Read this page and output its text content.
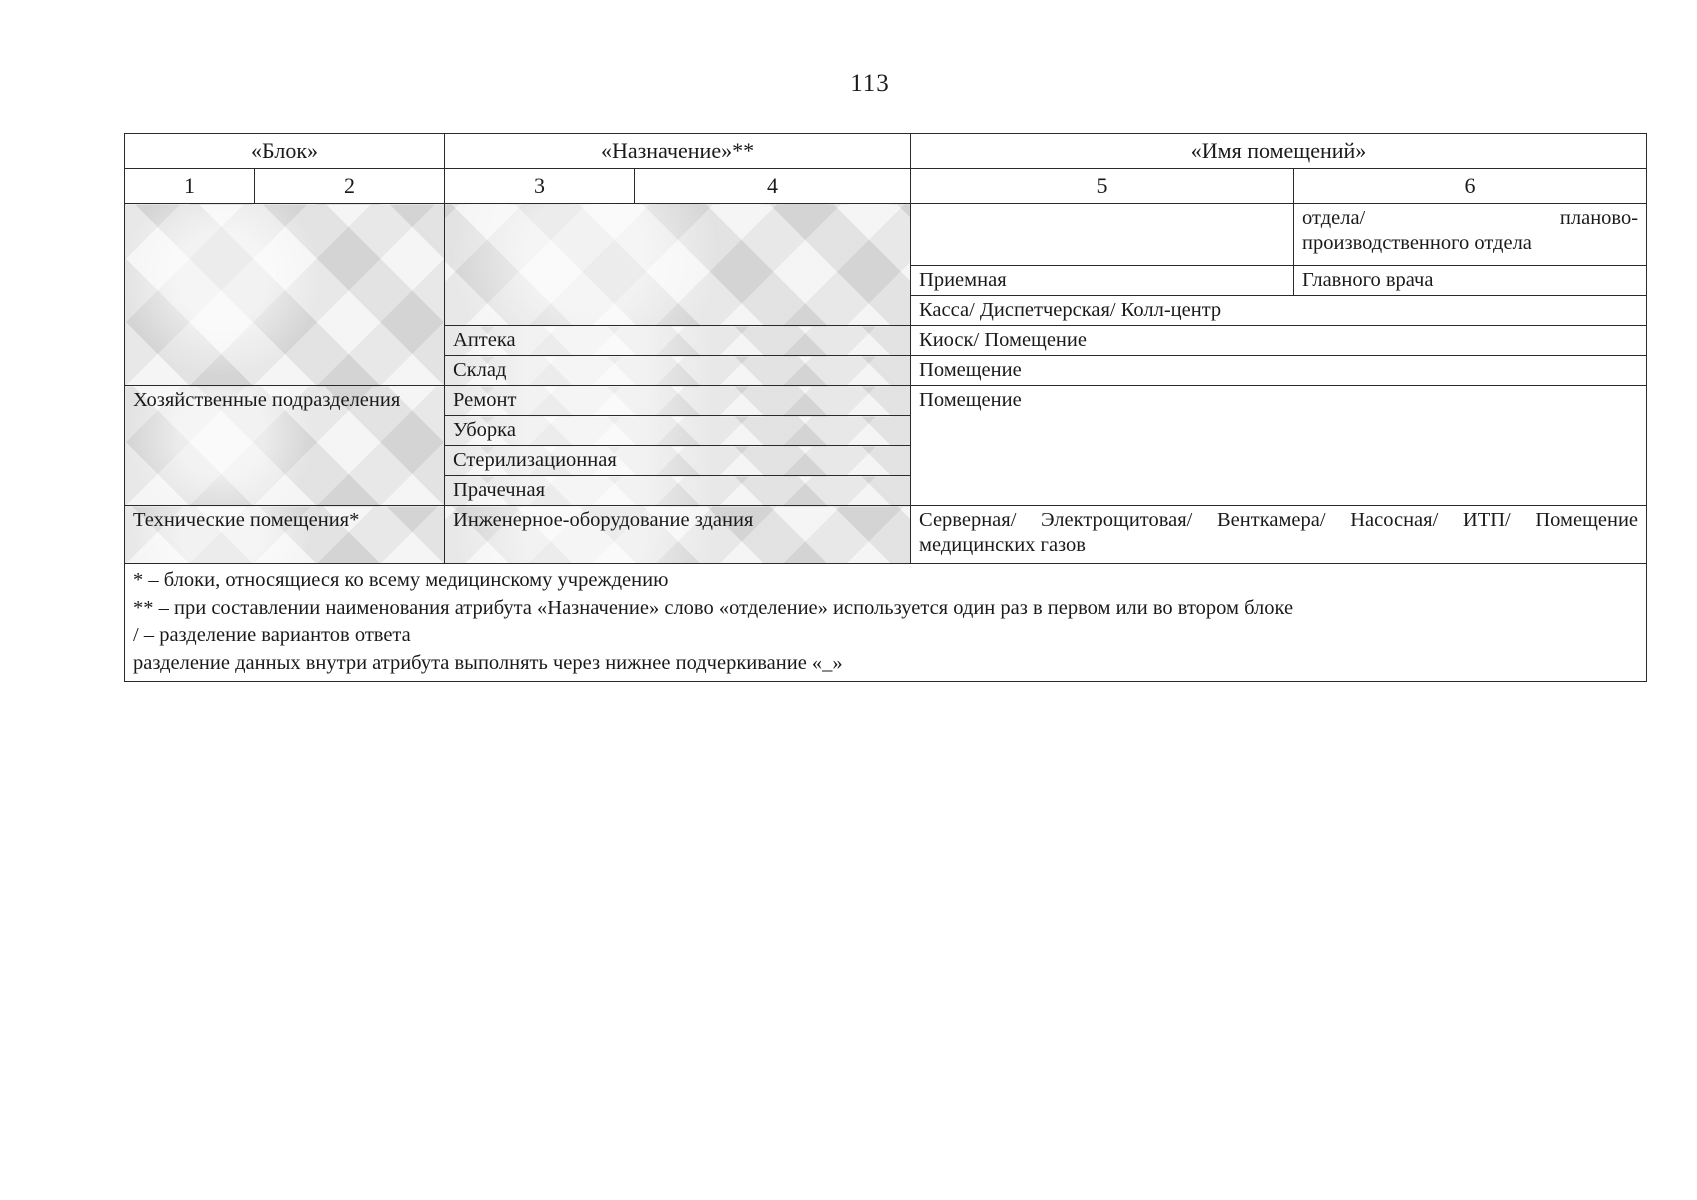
113
«Блок»		«Назначение»**		«Имя помещений»	
1	2	3	4	5	6

					отдела/ планово-
производственного отдела

				Приемная	Главного врача
				Касса/ Диспетчерская/ Колл-центр	
		Аптека		Киоск/ Помещение	
		Склад		Помещение	
Хозяйственные подразделения		Ремонт		Помещение	
		Уборка			
		Стерилизационная			
		Прачечная			
Технические помещения*		Инженерное-оборудование здания		Серверная/ Электрощитовая/ Венткамера/ Насосная/ ИТП/ Помещение
медицинских газов	

* – блоки, относящиеся ко всему медицинскому учреждению
** – при составлении наименования атрибута «Назначение» слово «отделение» используется один раз в первом или во втором блоке
/ – разделение вариантов ответа
разделение данных внутри атрибута выполнять через нижнее подчеркивание «_»					
